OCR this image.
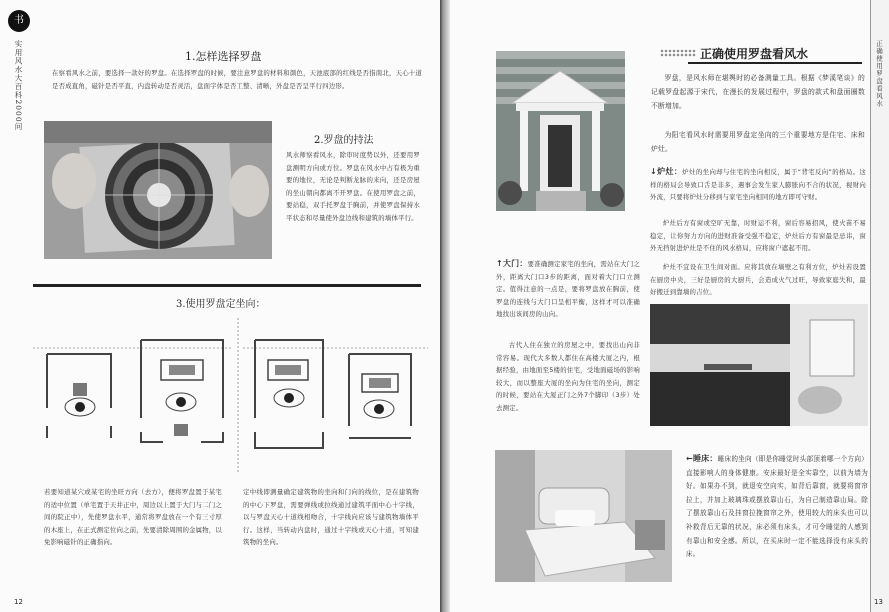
书
实用风水大百科2000问	1.怎样选择罗盘
在察看风水之前，要选择一款好的罗盘。在选择罗盘的时候，要注意罗盘的材料和颜色，天池底部的红线是否指南北，天心十道是否成直角，磁针是否平直，内盘转动是否灵活，盘面字体是否工整、清晰，外盘是否呈平行四边形。
2.罗盘的持法
风水师察看风水，除审时度势以外，还要用罗盘测明方向或方位。罗盘在风水中占有极为重要的地位，无论是判断龙脉的来向，还是房屋的坐山朝向都离不开罗盘。在使用罗盘之前，要站稳，双手托罗盘于胸前，并使罗盘保持水平状态和尽量使外盘边线和建筑的墙体平行。
3.使用罗盘定坐向：
若要知道某穴或某宅的坐旺方向（去方），便将罗盘置于某宅的适中位置（单宅置于天井正中，周边以上置于大门与二门之间的院正中），先使罗盘水平，通常将罗盘放在一个有三寸厚的木座上，在正式测定位向之前，先要清除周围的金属物，以免影响磁针的正确指向。
定中线即测量确定建筑物的坐向和门向的线位，是在建筑物的中心下罗盘，需要弹线或拉线通过建筑平面中心十字线，以与罗盘天心十道线相吻合，十字线向应该与建筑物墙体平行。这样，当转动内盘时，通过十字线或天心十道，可知建筑物的坐向。
12
正确使用罗盘看风水
罗盘，是风水师在堪舆时的必备测量工具。根据《梦溪笔谈》的记载罗盘起源于宋代，在漫长的发展过程中，罗盘的款式和盘面圈数不断增加。
为阳宅看风水时需要用罗盘定坐向的三个重要地方是住宅、床和炉灶。
↓炉灶：炉灶的坐向却与住宅的坐向相反，属于“背宅反向”的格局。这样的格局会导致口舌是非多，遇事会发生家人膨胀向不合的状况，视财向外流，只要将炉灶分移到与家宅坐向相同的地方即可守财。
炉灶后方有窗或空旷无靠，时财运不利，窗后容易招风，使火苗不易稳定，让你努力方向的进财准备受强不稳定，炉灶后方有窗最是忌讳，窗外无挡射进炉灶是不住的风水格局，应将窗户遮起不用。
炉灶不宜设在卫生间对面。应将其放在墙壁之有利方位，炉灶若设置在厨房中央，三好是厨房的大厨兵，会造成火气过旺，导致家庭失和，最好搬迁到靠墙的吉位。
↑大门：要准确测定家宅的坐向，需站在大门之外，距离大门口3步的距离，面对着大门口立测定。值得注意的一点是，要将罗盘放在胸前，使罗盘的连线与大门口呈相平衡，这样才可以准确地找出该间房的山向。
古代人住在独立的房屋之中，要找出山向非常容易。现代大多数人都住在高楼大厦之内，根据经验，由地面至5楼的住宅，受地面磁场的影响较大，而以整座大厦的坐向为住宅的坐向，测定的时候，要站在大厦正门之外7个脚印（3步）处去测定。
←睡床：睡床的坐向（即是你睡觉时头部顶着哪一个方向）直接影响人的身体健康。安床最好是全实靠空，以前为墙为好。如果办不到，就退安空向实，如背后靠窗，就要将窗帘拉上，并加上玻璃珠或摆放靠山石，为自己制造靠山局。除了摆放靠山石及挂窗拉挽窗帘之外，使用较大的床头也可以补救背后无靠的状况，床必须有床头，才可令睡觉的人感到有靠山和安全感。所以，在买床时一定不能选择没有床头的床。
正确使用罗盘看风水
13
